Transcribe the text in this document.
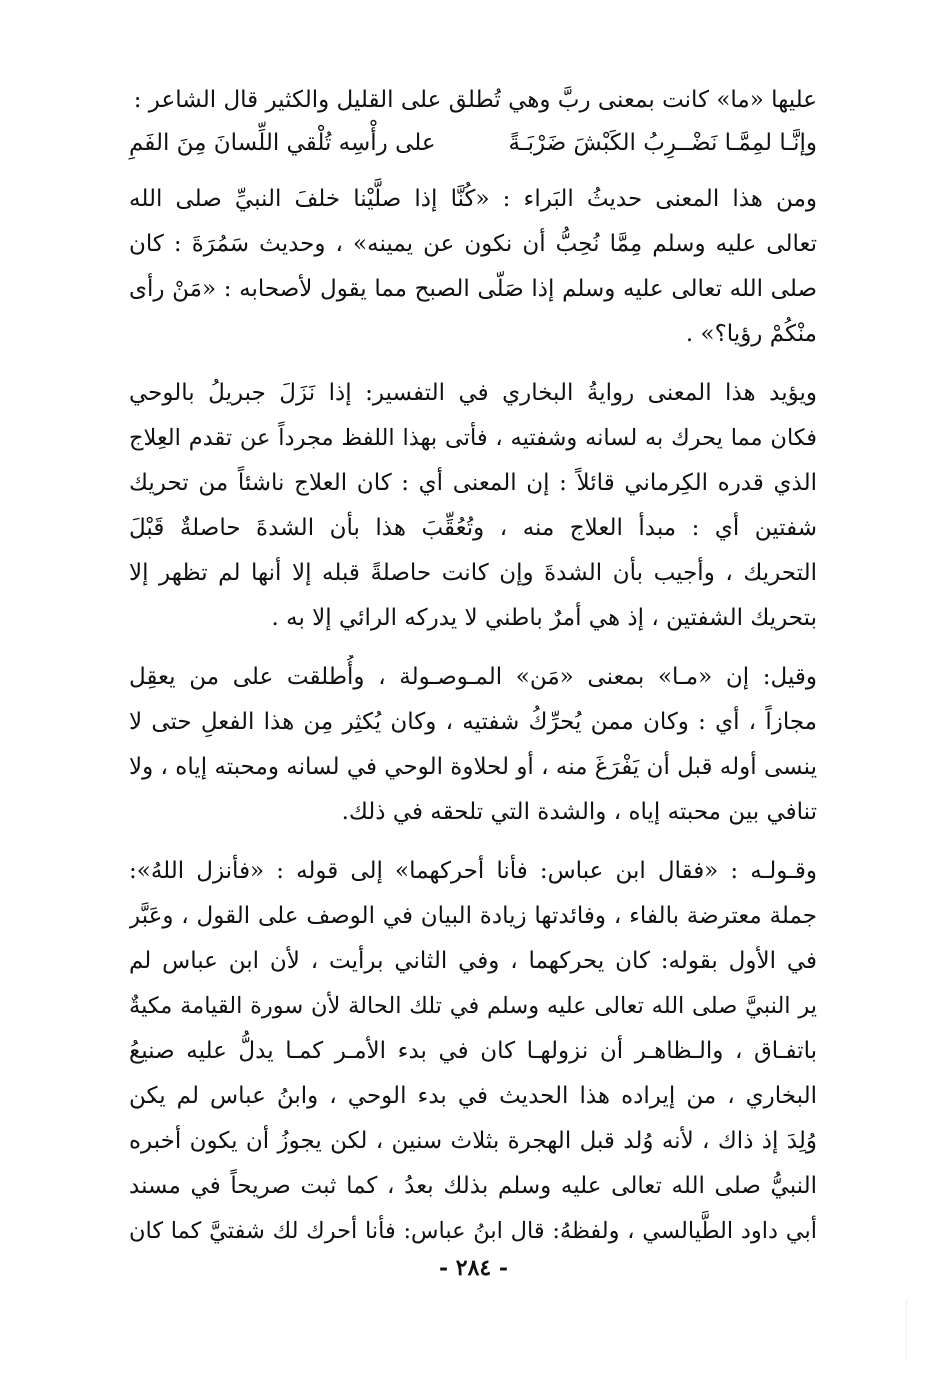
عليها «ما» كانت بمعنى ربَّ وهي تُطلق على القليل والكثير قال الشاعر :
وإنَّـا لمِمَّـا نَضْــرِبُ الكَبْشَ ضَرْبَـةً
على رأْسِه تُلْقي اللِّسانَ مِنَ الفَمِ
ومن هذا المعنى حديثُ البَراء : «كُنَّا إذا صلَّيْنا خلفَ النبيِّ صلى الله
تعالى عليه وسلم مِمَّا نُحِبُّ أن نكون عن يمينه» ، وحديث سَمُرَةَ : كان
صلى الله تعالى عليه وسلم إذا صَلّى الصبح مما يقول لأصحابه : «مَنْ رأى
منْكُمْ رؤيا؟» .
ويؤيد هذا المعنى روايةُ البخاري في التفسير: إذا نَزَلَ جبريلُ بالوحي
فكان مما يحرك به لسانه وشفتيه ، فأتى بهذا اللفظ مجرداً عن تقدم العِلاج
الذي قدره الكِرماني قائلاً : إن المعنى أي : كان العلاج ناشئاً من تحريك
شفتين أي : مبدأ العلاج منه ، وتُعُقِّبَ هذا بأن الشدةَ حاصلةٌ قَبْلَ
التحريك ، وأجيب بأن الشدةَ وإن كانت حاصلةً قبله إلا أنها لم تظهر إلا
بتحريك الشفتين ، إذ هي أمرٌ باطني لا يدركه الرائي إلا به .
وقيل: إن «مـا» بمعنى «مَن» المـوصـولة ، وأُطلقت على من يعقِل
مجازاً ، أي : وكان ممن يُحرِّكُ شفتيه ، وكان يُكثِر مِن هذا الفعلِ حتى لا
ينسى أوله قبل أن يَفْرَغَ منه ، أو لحلاوة الوحي في لسانه ومحبته إياه ، ولا
تنافي بين محبته إياه ، والشدة التي تلحقه في ذلك.
وقـولـه : «فقال ابن عباس: فأنا أحركهما» إلى قوله : «فأنزل اللهُ»:
جملة معترضة بالفاء ، وفائدتها زيادة البيان في الوصف على القول ، وعَبَّر
في الأول بقوله: كان يحركهما ، وفي الثاني برأيت ، لأن ابن عباس لم
ير النبيَّ صلى الله تعالى عليه وسلم في تلك الحالة لأن سورة القيامة مكيةٌ
باتفـاق ، والـظاهـر أن نزولهـا كان في بدء الأمـر كمـا يدلُّ عليه صنيعُ
البخاري ، من إيراده هذا الحديث في بدء الوحي ، وابنُ عباس لم يكن
وُلِدَ إذ ذاك ، لأنه وُلد قبل الهجرة بثلاث سنين ، لكن يجوزُ أن يكون أخبره
النبيُّ صلى الله تعالى عليه وسلم بذلك بعدُ ، كما ثبت صريحاً في مسند
أبي داود الطَّيالسي ، ولفظهُ: قال ابنُ عباس: فأنا أحرك لك شفتيَّ كما كان
- ٢٨٤ -
